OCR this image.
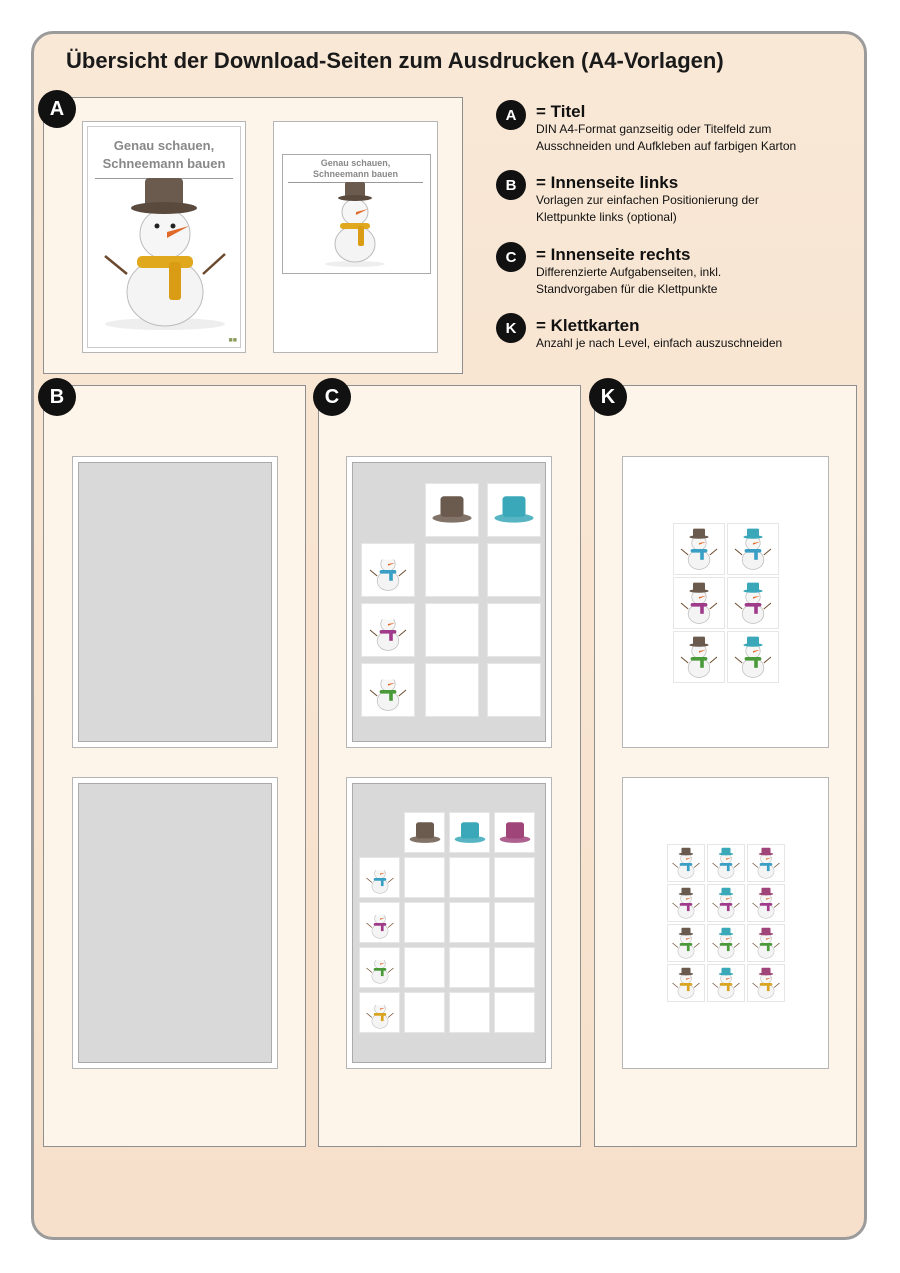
Übersicht der Download-Seiten zum Ausdrucken (A4-Vorlagen)
A
Genau schauen,
Schneemann bauen
■■
Genau schauen,
Schneemann bauen
A	= Titel
DIN A4-Format ganzseitig oder Titelfeld zum Ausschneiden und Aufkleben auf farbigen Karton
B	= Innenseite links
Vorlagen zur einfachen Positionierung der Klettpunkte links (optional)
C	= Innenseite rechts
Differenzierte Aufgabenseiten, inkl. Standvorgaben für die Klettpunkte
K	= Klettkarten
Anzahl je nach Level, einfach auszuschneiden
B	C	K
